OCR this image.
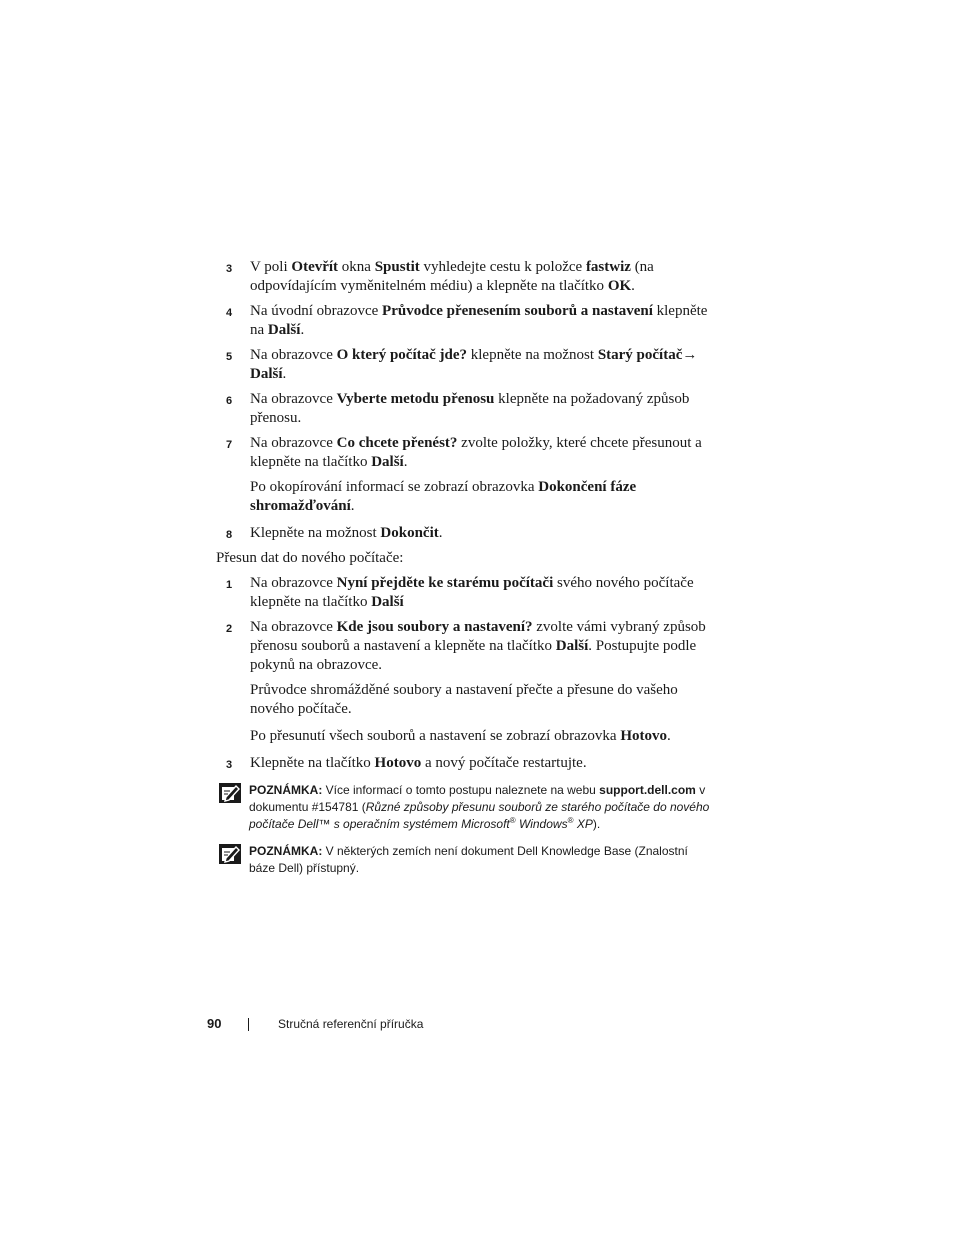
3 V poli Otevřít okna Spustit vyhledejte cestu k položce fastwiz (na odpovídajícím vyměnitelném médiu) a klepněte na tlačítko OK.
4 Na úvodní obrazovce Průvodce přenesením souborů a nastavení klepněte na Další.
5 Na obrazovce O který počítač jde? klepněte na možnost Starý počítač→ Další.
6 Na obrazovce Vyberte metodu přenosu klepněte na požadovaný způsob přenosu.
7 Na obrazovce Co chcete přenést? zvolte položky, které chcete přesunout a klepněte na tlačítko Další.
Po okopírování informací se zobrazí obrazovka Dokončení fáze shromažďování.
8 Klepněte na možnost Dokončit.

Přesun dat do nového počítače:

1 Na obrazovce Nyní přejděte ke starému počítači svého nového počítače klepněte na tlačítko Další
2 Na obrazovce Kde jsou soubory a nastavení? zvolte vámi vybraný způsob přenosu souborů a nastavení a klepněte na tlačítko Další. Postupujte podle pokynů na obrazovce.
Průvodce shromážděné soubory a nastavení přečte a přesune do vašeho nového počítače.
Po přesunutí všech souborů a nastavení se zobrazí obrazovka Hotovo.
3 Klepněte na tlačítko Hotovo a nový počítače restartujte.
POZNÁMKA: Více informací o tomto postupu naleznete na webu support.dell.com v dokumentu #154781 (Různé způsoby přesunu souborů ze starého počítače do nového počítače Dell™ s operačním systémem Microsoft® Windows® XP).
POZNÁMKA: V některých zemích není dokument Dell Knowledge Base (Znalostní báze Dell) přístupný.
90	Stručná referenční příručka
